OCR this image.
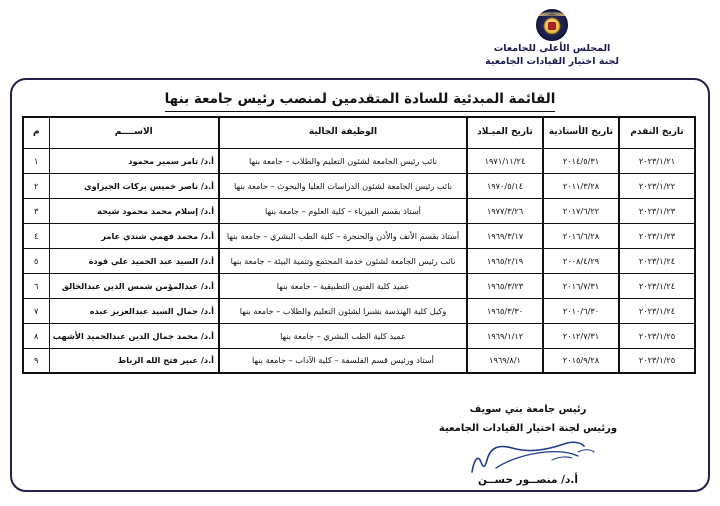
المجلس الأعلى للجامعات
لجنة اختيار القيادات الجامعية
القائمة المبدئية للسادة المتقدمين لمنصب رئيس جامعة بنها
تاريخ التقدم	تاريخ الأستاذية	تاريخ الميـلاد	الوظيفة الحالية	الاســــم	م
٢٠٢٣/١/٢١	٢٠١٤/٥/٣١	١٩٧١/١١/٢٤	نائب رئيس الجامعة لشئون التعليم والطلاب – جامعة بنها	أ.د/ تامر سمير محمود	١
٢٠٢٣/١/٢٢	٢٠١١/٣/٢٨	١٩٧٠/٥/١٤	نائب رئيس الجامعة لشئون الدراسات العليا والبحوث – جامعة بنها	أ.د/ ناصر خميس بركات الجيزاوي	٢
٢٠٢٣/١/٢٣	٢٠١٧/٦/٢٢	١٩٧٧/٣/٢٦	أستاذ بقسم الفيزياء – كلية العلوم – جامعة بنها	أ.د/ إسلام محمد محمود شيحة	٣
٢٠٢٣/١/٢٣	٢٠١٦/٦/٢٨	١٩٦٩/٣/١٧	أستاذ بقسم الأنف والأذن والحنجرة – كلية الطب البشري – جامعة بنها	أ.د/ محمد فهمي شندي عامر	٤
٢٠٢٣/١/٢٤	٢٠٠٨/٤/٢٩	١٩٦٥/٢/١٩	نائب رئيس الجامعة لشئون خدمة المجتمع وتنمية البيئة – جامعة بنها	أ.د/ السيد عبد الحميد علي فودة	٥
٢٠٢٣/١/٢٤	٢٠١٦/٧/٣١	١٩٦٥/٣/٢٣	عميد كلية الفنون التطبيقية – جامعة بنها	أ.د/ عبدالمؤمن شمس الدين عبدالخالق	٦
٢٠٢٣/١/٢٤	٢٠١٠/٦/٣٠	١٩٦٥/٣/٣٠	وكيل كلية الهندسة بشبرا لشئون التعليم والطلاب – جامعة بنها	أ.د/ جمال السيد عبدالعزيز عبده	٧
٢٠٢٣/١/٢٥	٢٠١٢/٧/٣١	١٩٦٩/١/١٢	عميد كلية الطب البشري – جامعة بنها	أ.د/ محمد جمال الدين عبدالحميد الأشهب	٨
٢٠٢٣/١/٢٥	٢٠١٥/٩/٢٨	١٩٦٩/٨/١	أستاذ ورئيس قسم الفلسفة – كلية الآداب – جامعة بنها	أ.د/ عبير فتح الله الرباط	٩
رئيس جامعة بني سويف
ورئيس لجنة اختيار القيادات الجامعية
أ.د/ منصــور حســن
